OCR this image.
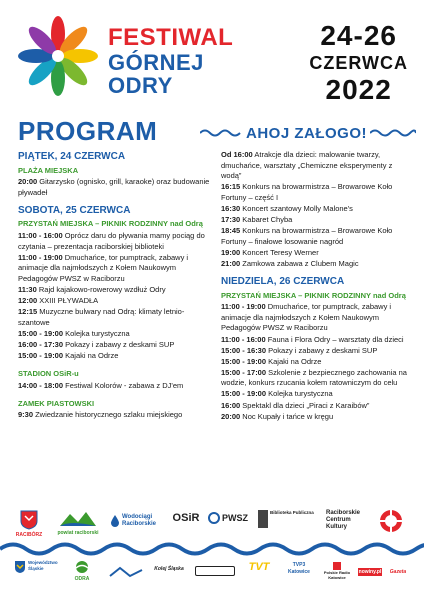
FESTIWAL
GÓRNEJ
ODRY
24-26
CZERWCA
2022
PROGRAM	AHOJ ZAŁOGO!
PIĄTEK, 24 CZERWCA
PLAŻA MIEJSKA
20:00 Gitarzysko (ognisko, grill, karaoke) oraz budowanie pływadeł
SOBOTA, 25 CZERWCA
PRZYSTAŃ MIEJSKA – PIKNIK RODZINNY nad Odrą
11:00 - 16:00 Oprócz daru do pływania mamy pociąg do czytania – prezentacja raciborskiej biblioteki
11:00 - 19:00 Dmuchańce, tor pumptrack, zabawy i animacje dla najmłodszych z Kołem Naukowym Pedagogów PWSZ w Raciborzu
11:30 Rajd kajakowo-rowerowy wzdłuż Odry
12:00 XXIII PŁYWADŁA
12:15 Muzyczne bulwary nad Odrą: klimaty letnio-szantowe
15:00 - 19:00 Kolejka turystyczna
16:00 - 17:30 Pokazy i zabawy z deskami SUP
15:00 - 19:00 Kajaki na Odrze
STADION OSiR-u
14:00 - 18:00 Festiwal Kolorów - zabawa z DJ'em
ZAMEK PIASTOWSKI
9:30 Zwiedzanie historycznego szlaku miejskiego
Od 16:00 Atrakcje dla dzieci: malowanie twarzy, dmuchańce, warsztaty „Chemiczne eksperymenty z wodą”
16:15 Konkurs na browarmistrza – Browarowe Koło Fortuny – część I
16:30 Koncert szantowy Molly Malone's
17:30 Kabaret Chyba
18:45 Konkurs na browarmistrza – Browarowe Koło Fortuny – finałowe losowanie nagród
19:00 Koncert Teresy Werner
21:00 Zamkowa zabawa z Clubem Magic
NIEDZIELA, 26 CZERWCA
PRZYSTAŃ MIEJSKA – PIKNIK RODZINNY nad Odrą
11:00 - 19:00 Dmuchańce, tor pumptrack, zabawy i animacje dla najmłodszych z Kołem Naukowym Pedagogów PWSZ w Raciborzu
11:00 - 16:00 Fauna i Flora Odry – warsztaty dla dzieci
15:00 - 16:30 Pokazy i zabawy z deskami SUP
15:00 - 19:00 Kajaki na Odrze
15:00 - 17:00 Szkolenie z bezpiecznego zachowania na wodzie, konkurs rzucania kołem ratowniczym do celu
15:00 - 19:00 Kolejka turystyczna
16:00 Spektakl dla dzieci „Piraci z Karaibów”
20:00 Noc Kupały i tańce w kręgu
RACIBÓRZ	powiat raciborski
Wodociągi Raciborskie	OSiR	PWSZ
Biblioteka Publiczna	Raciborskie Centrum Kultury
Województwo Śląskie
ODRA
Kolej Śląska	TVT	TVP3 Katowice	Polskie Radio Katowice
nowiny.pl	Gazeta
